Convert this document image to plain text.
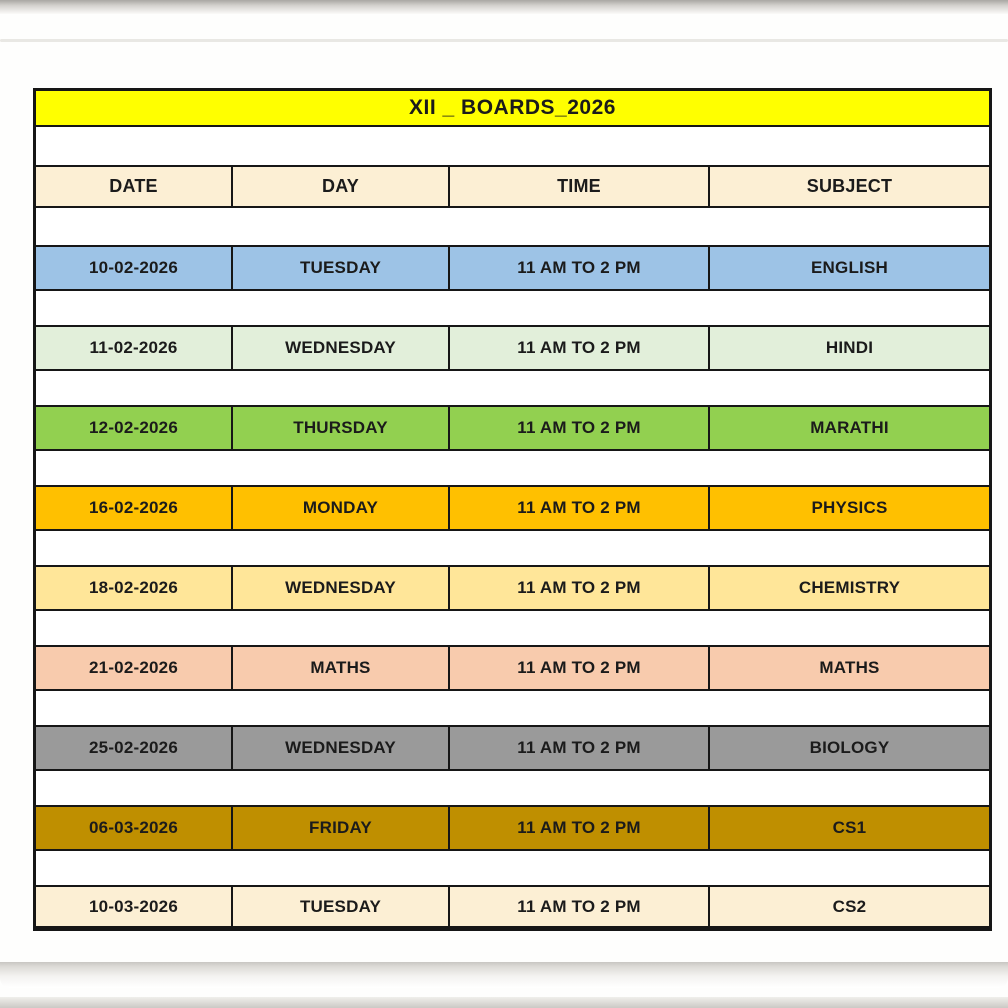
XII _ BOARDS_2026
DATE	DAY	TIME	SUBJECT
10-02-2026	TUESDAY	11 AM TO 2 PM	ENGLISH
11-02-2026	WEDNESDAY	11 AM TO 2 PM	HINDI
12-02-2026	THURSDAY	11 AM TO 2 PM	MARATHI
16-02-2026	MONDAY	11 AM TO 2 PM	PHYSICS
18-02-2026	WEDNESDAY	11 AM TO 2 PM	CHEMISTRY
21-02-2026	MATHS	11 AM TO 2 PM	MATHS
25-02-2026	WEDNESDAY	11 AM TO 2 PM	BIOLOGY
06-03-2026	FRIDAY	11 AM TO 2 PM	CS1
10-03-2026	TUESDAY	11 AM TO 2 PM	CS2
